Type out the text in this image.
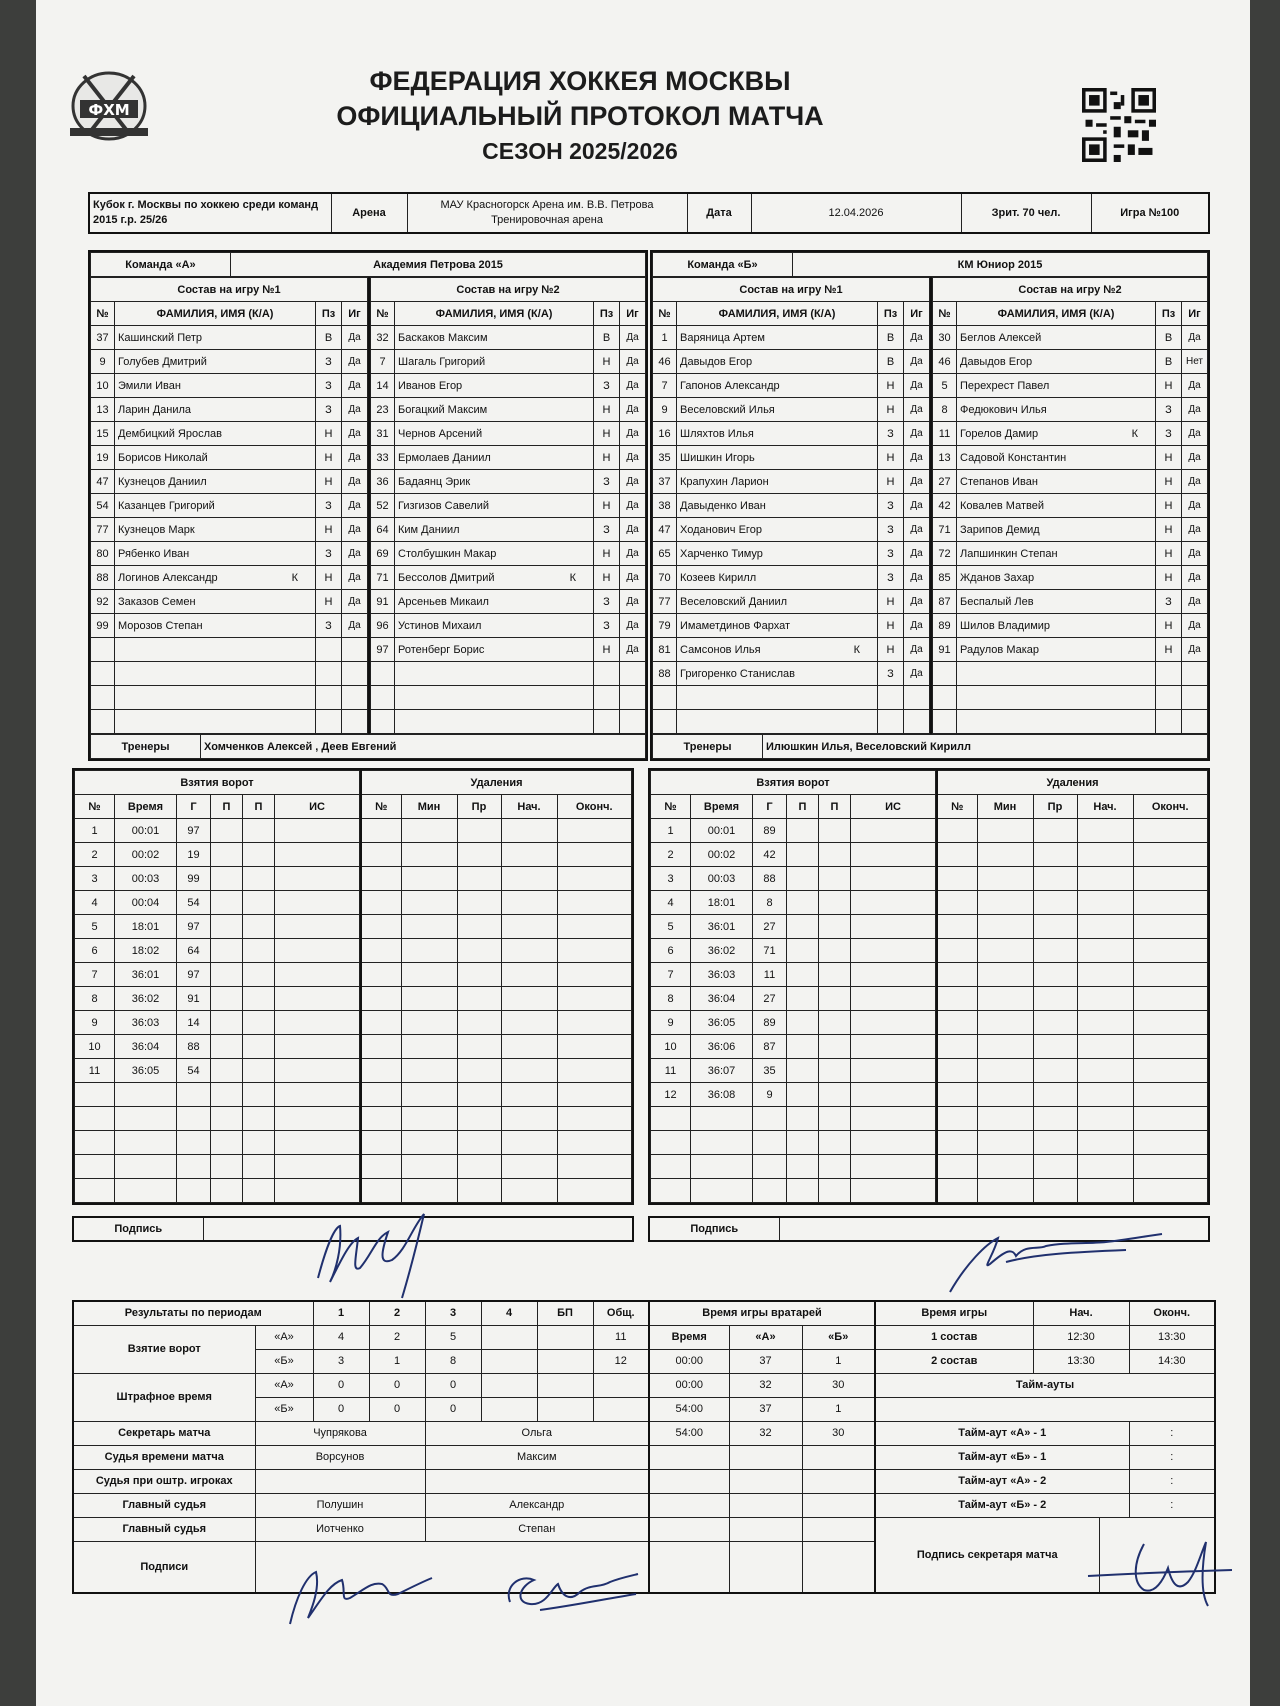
ФХМ
ФЕДЕРАЦИЯ ХОККЕЯ МОСКВЫ
ОФИЦИАЛЬНЫЙ ПРОТОКОЛ МАТЧА
СЕЗОН 2025/2026
Кубок г. Москвы по хоккею среди команд 2015 г.р. 25/26	Арена	МАУ Красногорск Арена им. В.В. Петрова Тренировочная арена	Дата	12.04.2026	Зрит. 70 чел.	Игра №100
Команда «А»	Академия Петрова 2015
Состав на игру №1			
№	ФАМИЛИЯ, ИМЯ (К/А)	Пз	Иг
37	Кашинский Петр	В	Да
9	Голубев Дмитрий	З	Да
10	Эмили Иван	З	Да
13	Ларин Данила	З	Да
15	Дембицкий Ярослав	Н	Да
19	Борисов Николай	Н	Да
47	Кузнецов Даниил	Н	Да
54	Казанцев Григорий	З	Да
77	Кузнецов Марк	Н	Да
80	Рябенко Иван	З	Да
88	Логинов Александр К	Н	Да
92	Заказов Семен	Н	Да
99	Морозов Степан	З	Да

Состав на игру №2			
№	ФАМИЛИЯ, ИМЯ (К/А)	Пз	Иг
32	Баскаков Максим	В	Да
7	Шагаль Григорий	Н	Да
14	Иванов Егор	З	Да
23	Богацкий Максим	Н	Да
31	Чернов Арсений	Н	Да
33	Ермолаев Даниил	Н	Да
36	Бадаянц Эрик	З	Да
52	Гизгизов Савелий	Н	Да
64	Ким Даниил	З	Да
69	Столбушкин Макар	Н	Да
71	Бессолов Дмитрий К	Н	Да
91	Арсеньев Микаил	З	Да
96	Устинов Михаил	З	Да
97	Ротенберг Борис	Н	Да

Тренеры	Хомченков Алексей , Деев Евгений
Команда «Б»	КМ Юниор 2015
Состав на игру №1			
№	ФАМИЛИЯ, ИМЯ (К/А)	Пз	Иг
1	Варяница Артем	В	Да
46	Давыдов Егор	В	Да
7	Гапонов Александр	Н	Да
9	Веселовский Илья	Н	Да
16	Шляхтов Илья	З	Да
35	Шишкин Игорь	Н	Да
37	Крапухин Ларион	Н	Да
38	Давыденко Иван	З	Да
47	Ходанович Егор	З	Да
65	Харченко Тимур	З	Да
70	Козеев Кирилл	З	Да
77	Веселовский Даниил	Н	Да
79	Имаметдинов Фархат	Н	Да
81	Самсонов Илья К	Н	Да
88	Григоренко Станислав	З	Да

Состав на игру №2			
№	ФАМИЛИЯ, ИМЯ (К/А)	Пз	Иг
30	Беглов Алексей	В	Да
46	Давыдов Егор	В	Нет
5	Перехрест Павел	Н	Да
8	Федюкович Илья	З	Да
11	Горелов Дамир К	З	Да
13	Садовой Константин	Н	Да
27	Степанов Иван	Н	Да
42	Ковалев Матвей	Н	Да
71	Зарипов Демид	Н	Да
72	Лапшинкин Степан	Н	Да
85	Жданов Захар	Н	Да
87	Беспалый Лев	З	Да
89	Шилов Владимир	Н	Да
91	Радулов Макар	Н	Да

Тренеры	Илюшкин Илья, Веселовский Кирилл
Взятия ворот					
№	Время	Г	П	П	ИС
1	00:01	97			
2	00:02	19			
3	00:03	99			
4	00:04	54			
5	18:01	97			
6	18:02	64			
7	36:01	97			
8	36:02	91			
9	36:03	14			
10	36:04	88			
11	36:05	54			

Удаления				
№	Мин	Пр	Нач.	Оконч.

Подпись	
Взятия ворот					
№	Время	Г	П	П	ИС
1	00:01	89			
2	00:02	42			
3	00:03	88			
4	18:01	8			
5	36:01	27			
6	36:02	71			
7	36:03	11			
8	36:04	27			
9	36:05	89			
10	36:06	87			
11	36:07	35			
12	36:08	9			

Удаления				
№	Мин	Пр	Нач.	Оконч.

Подпись	
Результаты по периодам		1	2	3	4	БП	Общ.
Взятие ворот	«А»	4	2	5			11
	«Б»	3	1	8			12
Штрафное время	«А»	0	0	0			
	«Б»	0	0	0			
Секретарь матча	Чупрякова			Ольга			
Судья времени матча	Ворсунов			Максим			
Судья при оштр. игроках							
Главный судья	Полушин			Александр			
Главный судья	Иотченко			Степан			
Подписи							
Время игры вратарей		
Время	«А»	«Б»
00:00	37	1
00:00	32	30
54:00	37	1
54:00	32	30

Время игры	Нач.		Оконч.
1 состав	12:30		13:30
2 состав	13:30		14:30
Тайм-ауты			

Тайм-аут «А» - 1			:
Тайм-аут «Б» - 1			:
Тайм-аут «А» - 2			:
Тайм-аут «Б» - 2			:
Подпись секретаря матча			
